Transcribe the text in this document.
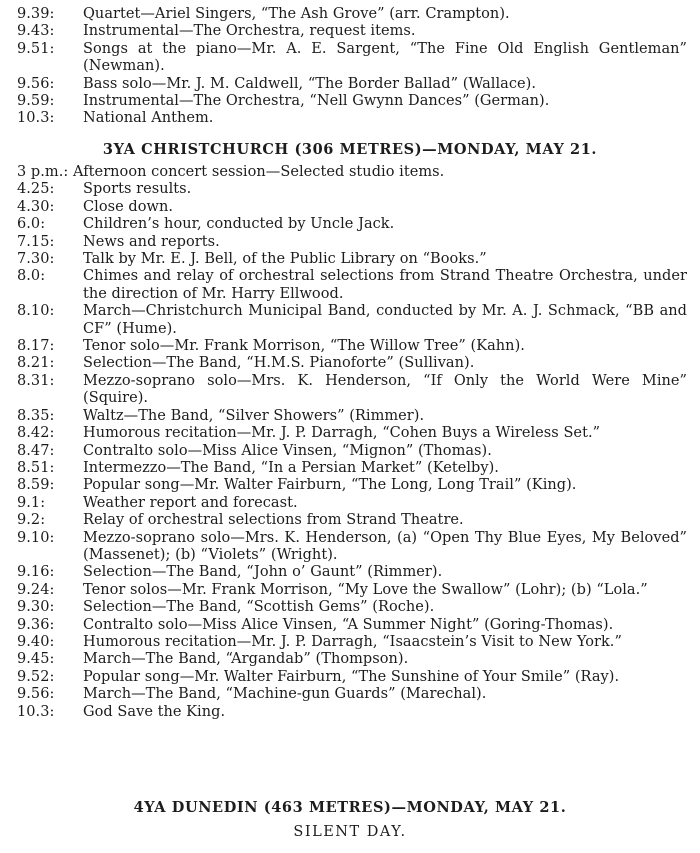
9.39:	Quartet—Ariel Singers, “The Ash Grove” (arr. Crampton).
9.43:	Instrumental—The Orchestra, request items.
9.51:	Songs at the piano—Mr. A. E. Sargent, “The Fine Old English Gentleman” (Newman).
9.56:	Bass solo—Mr. J. M. Caldwell, “The Border Ballad” (Wallace).
9.59:	Instrumental—The Orchestra, “Nell Gwynn Dances” (German).
10.3:	National Anthem.
3YA CHRISTCHURCH (306 METRES)—MONDAY, MAY 21.
3 p.m.: Afternoon concert session—Selected studio items.
4.25:	Sports results.
4.30:	Close down.
6.0:	Children’s hour, conducted by Uncle Jack.
7.15:	News and reports.
7.30:	Talk by Mr. E. J. Bell, of the Public Library on “Books.”
8.0:	Chimes and relay of orchestral selections from Strand Theatre Orchestra, under the direction of Mr. Harry Ellwood.
8.10:	March—Christchurch Municipal Band, conducted by Mr. A. J. Schmack, “BB and CF” (Hume).
8.17:	Tenor solo—Mr. Frank Morrison, “The Willow Tree” (Kahn).
8.21:	Selection—The Band, “H.M.S. Pianoforte” (Sullivan).
8.31:	Mezzo-soprano solo—Mrs. K. Henderson, “If Only the World Were Mine” (Squire).
8.35:	Waltz—The Band, “Silver Showers” (Rimmer).
8.42:	Humorous recitation—Mr. J. P. Darragh, “Cohen Buys a Wireless Set.”
8.47:	Contralto solo—Miss Alice Vinsen, “Mignon” (Thomas).
8.51:	Intermezzo—The Band, “In a Persian Market” (Ketelby).
8.59:	Popular song—Mr. Walter Fairburn, “The Long, Long Trail” (King).
9.1:	Weather report and forecast.
9.2:	Relay of orchestral selections from Strand Theatre.
9.10:	Mezzo-soprano solo—Mrs. K. Henderson, (a) “Open Thy Blue Eyes, My Beloved” (Massenet); (b) “Violets” (Wright).
9.16:	Selection—The Band, “John o’ Gaunt” (Rimmer).
9.24:	Tenor solos—Mr. Frank Morrison, “My Love the Swallow” (Lohr); (b) “Lola.”
9.30:	Selection—The Band, “Scottish Gems” (Roche).
9.36:	Contralto solo—Miss Alice Vinsen, “A Summer Night” (Goring-Thomas).
9.40:	Humorous recitation—Mr. J. P. Darragh, “Isaacstein’s Visit to New York.”
9.45:	March—The Band, “Argandab” (Thompson).
9.52:	Popular song—Mr. Walter Fairburn, “The Sunshine of Your Smile” (Ray).
9.56:	March—The Band, “Machine-gun Guards” (Marechal).
10.3:	God Save the King.
4YA DUNEDIN (463 METRES)—MONDAY, MAY 21.
SILENT DAY.
